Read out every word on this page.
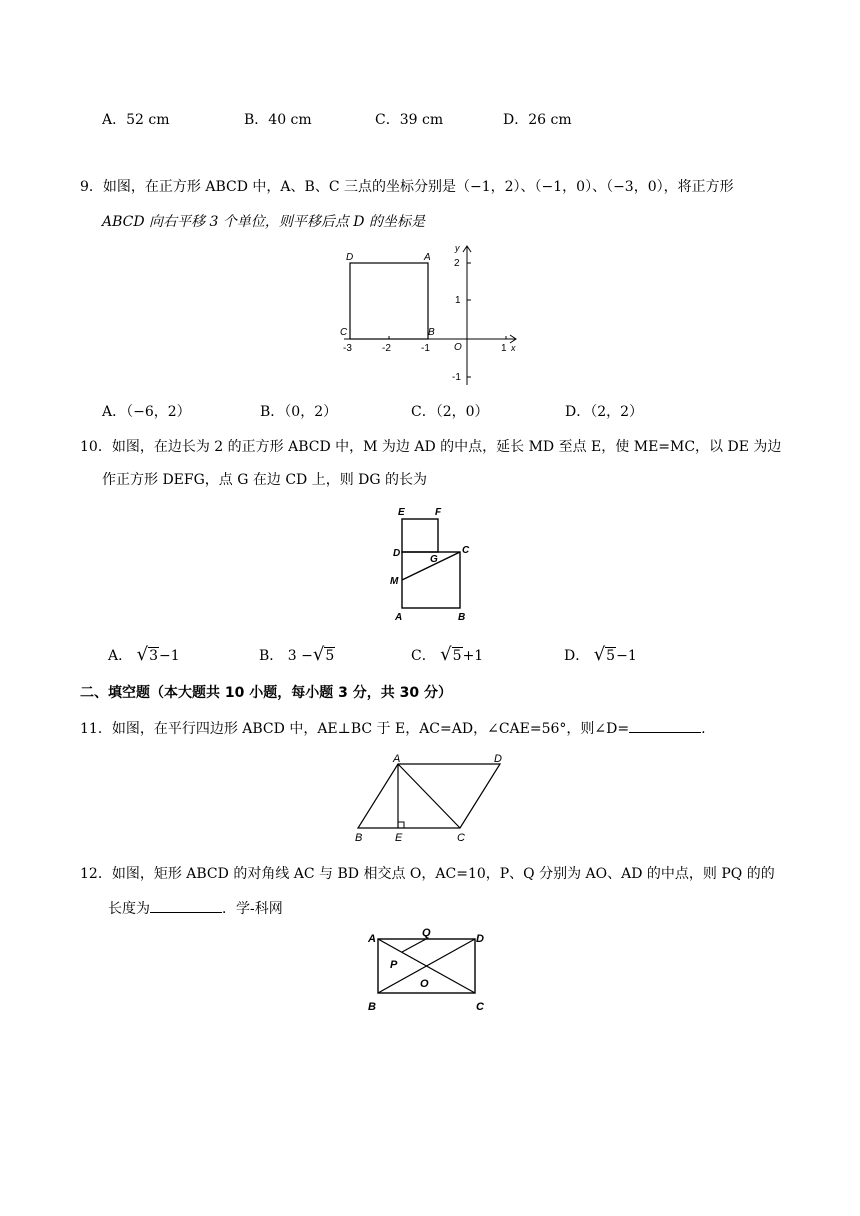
A．52 cm	B．40 cm	C．39 cm	D．26 cm
9．如图，在正方形 ABCD 中，A、B、C 三点的坐标分别是（−1，2）、（−1，0）、（−3，0），将正方形
ABCD 向右平移 3 个单位，则平移后点 D 的坐标是
D	A
C	B
O	x
y
-3	-2	-1	1
2
1
-1
A．（−6，2）	B．（0，2）	C．（2，0）	D．（2，2）
10．如图，在边长为 2 的正方形 ABCD 中，M 为边 AD 的中点，延长 MD 至点 E，使 ME=MC，以 DE 为边
作正方形 DEFG，点 G 在边 CD 上，则 DG 的长为
E	F
D
G
C
M
A	B
A． √3−1	B． 3 −√5	C． √5+1	D． √5−1
二、填空题（本大题共 10 小题，每小题 3 分，共 30 分）
11．如图，在平行四边形 ABCD 中，AE⊥BC 于 E，AC=AD，∠CAE=56°，则∠D=	.
A	D
B	E	C
12．如图，矩形 ABCD 的对角线 AC 与 BD 相交点 O，AC=10，P、Q 分别为 AO、AD 的中点，则 PQ 的的
长度为	．学-科网
A	Q	D
P
O
B	C
